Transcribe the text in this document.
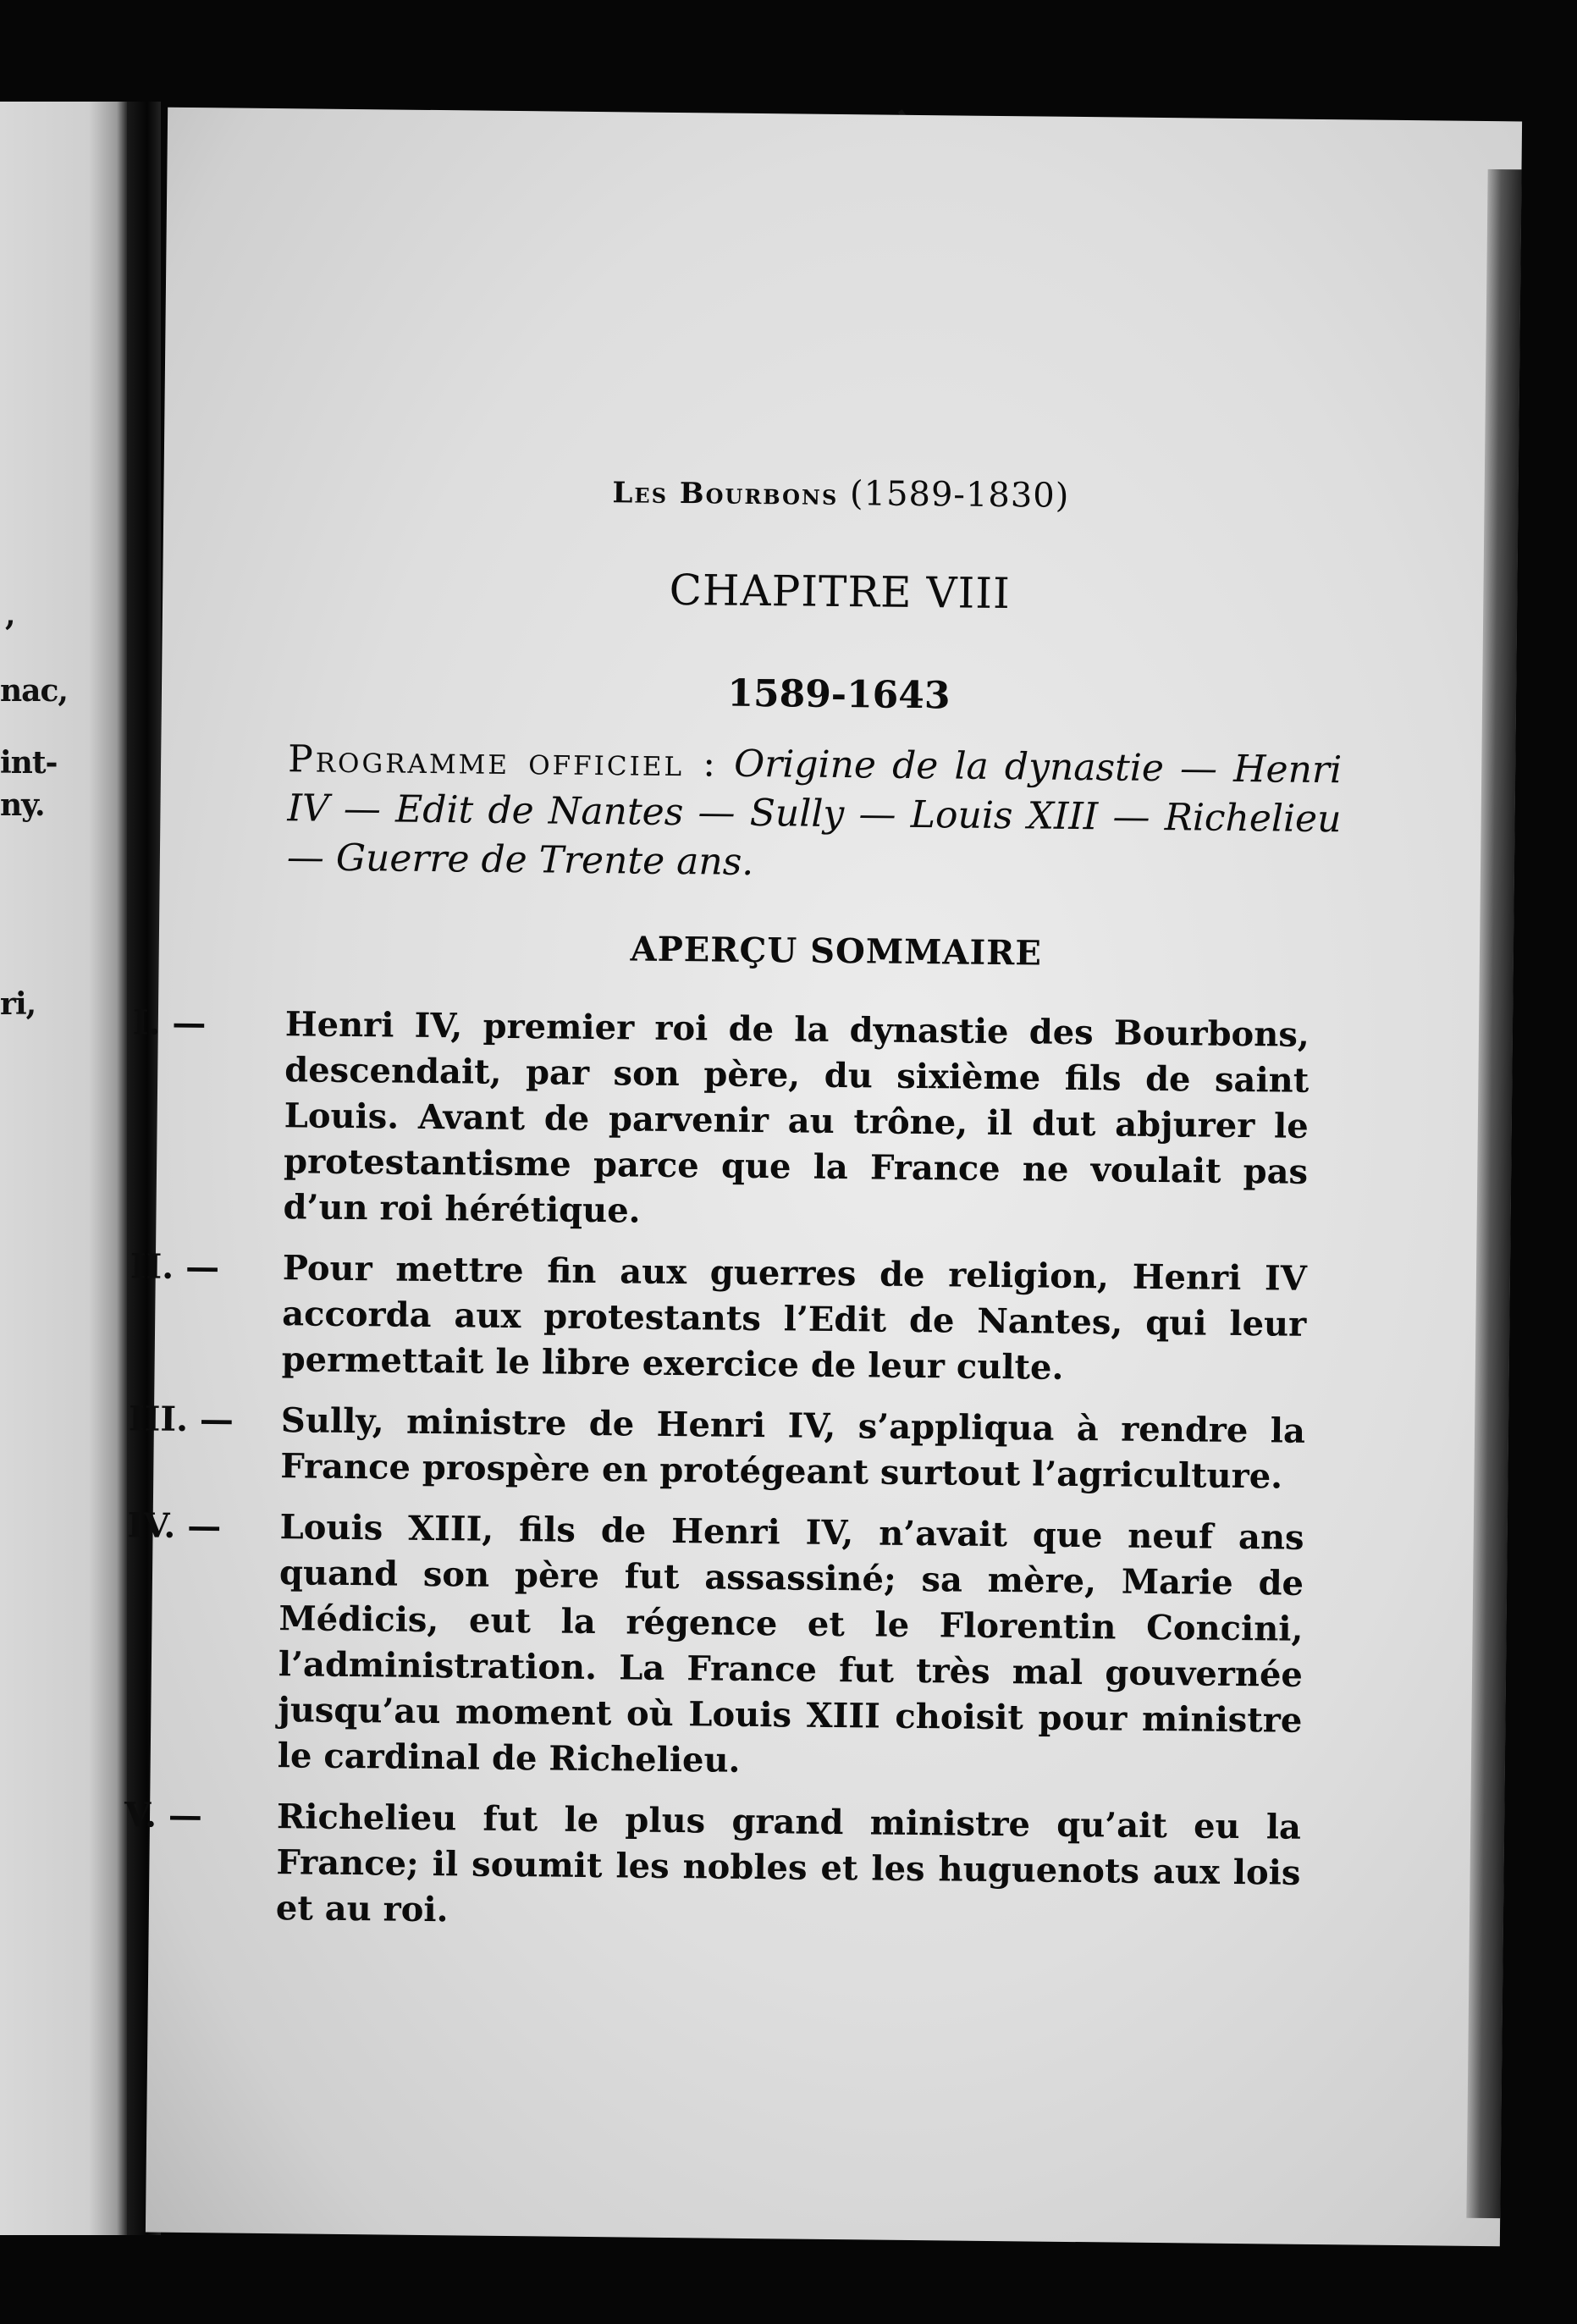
,
nac,
int-
ny.
ri,
Les Bourbons (1589-1830)
CHAPITRE VIII
1589-1643
Programme officiel : Origine de la dynastie — Henri IV — Edit de Nantes — Sully — Louis XIII — Richelieu — Guerre de Trente ans.
APERÇU SOMMAIRE
I. —	Henri IV, premier roi de la dynastie des Bourbons, descendait, par son père, du sixième fils de saint Louis. Avant de parvenir au trône, il dut abjurer le protestantisme parce que la France ne voulait pas d’un roi hérétique.
II. —	Pour mettre fin aux guerres de religion, Henri IV accorda aux protestants l’Edit de Nantes, qui leur permettait le libre exercice de leur culte.
III. —	Sully, ministre de Henri IV, s’appliqua à rendre la France prospère en protégeant surtout l’agriculture.
IV. —	Louis XIII, fils de Henri IV, n’avait que neuf ans quand son père fut assassiné; sa mère, Marie de Médicis, eut la régence et le Florentin Concini, l’administration. La France fut très mal gouvernée jusqu’au moment où Louis XIII choisit pour ministre le cardinal de Richelieu.
V. —	Richelieu fut le plus grand ministre qu’ait eu la France; il soumit les nobles et les huguenots aux lois et au roi.
